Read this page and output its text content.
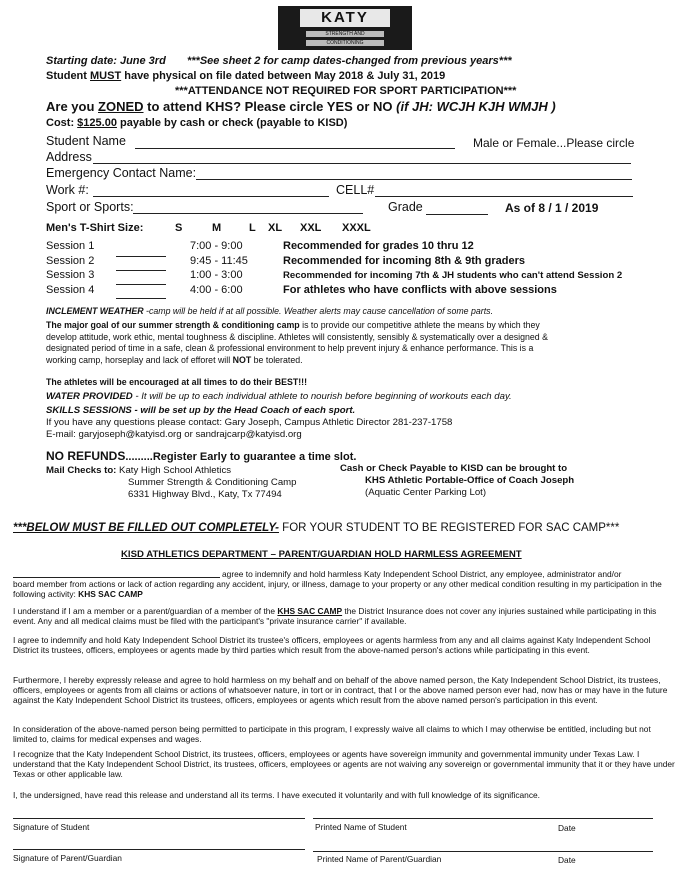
KATY
STRENGTH AND
CONDITIONING
Starting date: June 3rd ***See sheet 2 for camp dates-changed from previous years***
Student MUST have physical on file dated between May 2018 & July 31, 2019
***ATTENDANCE NOT REQUIRED FOR SPORT PARTICIPATION***
Are you ZONED to attend KHS? Please circle YES or NO (if JH: WCJH KJH WMJH )
Cost: $125.00 payable by cash or check (payable to KISD)
Student Name	Male or Female...Please circle
Address
Emergency Contact Name:
Work #:	CELL#
Sport or Sports:	Grade	As of 8 / 1 / 2019
Men's T-Shirt Size:	S	M	L XL XXL XXXL
Session 1	7:00 - 9:00	Recommended for grades 10 thru 12
Session 2	9:45 - 11:45	Recommended for incoming 8th & 9th graders
Session 3	1:00 - 3:00	Recommended for incoming 7th & JH students who can't attend Session 2
Session 4	4:00 - 6:00	For athletes who have conflicts with above sessions
INCLEMENT WEATHER -camp will be held if at all possible. Weather alerts may cause cancellation of some parts.
The major goal of our summer strength & conditioning camp is to provide our competitive athlete the means by which they develop attitude, work ethic, mental toughness & discipline. Athletes will consistently, sensibly & systematically over a designed & designated period of time in a safe, clean & professional environment to help prevent injury & enhance performance. This is a working camp, horseplay and lack of efforet will NOT be tolerated.
The athletes will be encouraged at all times to do their BEST!!!
WATER PROVIDED - It will be up to each individual athlete to nourish before beginning of workouts each day.
SKILLS SESSIONS - will be set up by the Head Coach of each sport.
If you have any questions please contact: Gary Joseph, Campus Athletic Director 281-237-1758
E-mail: garyjoseph@katyisd.org or sandrajcarp@katyisd.org
NO REFUNDS.........Register Early to guarantee a time slot.
Mail Checks to: Katy High School Athletics
Summer Strength & Conditioning Camp
6331 Highway Blvd., Katy, Tx 77494
Cash or Check Payable to KISD can be brought to
KHS Athletic Portable-Office of Coach Joseph
(Aquatic Center Parking Lot)
***BELOW MUST BE FILLED OUT COMPLETELY- FOR YOUR STUDENT TO BE REGISTERED FOR SAC CAMP***
KISD ATHLETICS DEPARTMENT – PARENT/GUARDIAN HOLD HARMLESS AGREEMENT
agree to indemnify and hold harmless Katy Independent School District, any employee, administrator and/or
board member from actions or lack of action regarding any accident, injury, or illness, damage to your property or any other medical condition resulting in my participation in the following activity: KHS SAC CAMP
I understand if I am a member or a parent/guardian of a member of the KHS SAC CAMP the District Insurance does not cover any injuries sustained while participating in this event. Any and all medical claims must be filed with the participant's "private insurance carrier" if available.
I agree to indemnify and hold Katy Independent School District its trustee's officers, employees or agents harmless from any and all claims against Katy Independent School District its trustees, officers, employees or agents made by third parties which result from the above-named person's actions while participating in this event.
Furthermore, I hereby expressly release and agree to hold harmless on my behalf and on behalf of the above named person, the Katy Independent School District, its trustees, officers, employees or agents from all claims or actions of whatsoever nature, in tort or in contract, that I or the above named person ever had, now has or may have in the future against the Katy Independent School District its trustees, officers, employees or agents which result from the above named person's participation in this event.
In consideration of the above-named person being permitted to participate in this program, I expressly waive all claims to which I may otherwise be entitled, including but not limited to, claims for medical expenses and wages.
I recognize that the Katy Independent School District, its trustees, officers, employees or agents have sovereign immunity and governmental immunity under Texas Law. I understand that the Katy Independent School District, its trustees, officers, employees or agents are not waiving any sovereign or governmental immunity that it or they have under Texas or other applicable law.
I, the undersigned, have read this release and understand all its terms. I have executed it voluntarily and with full knowledge of its significance.
Signature of Student	Printed Name of Student	Date
Signature of Parent/Guardian	Printed Name of Parent/Guardian	Date
